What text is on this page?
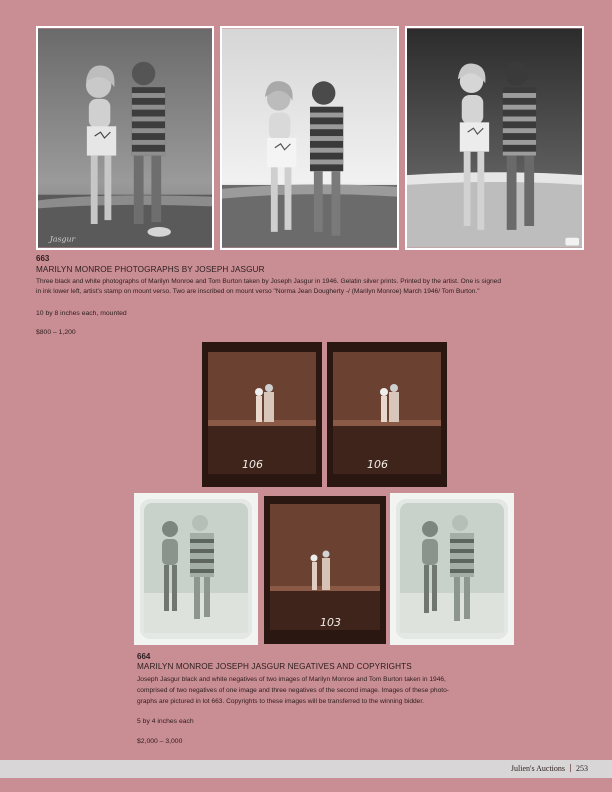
Jasgur
663
MARILYN MONROE PHOTOGRAPHS BY JOSEPH JASGUR
Three black and white photographs of Marilyn Monroe and Tom Burton taken by Joseph Jasgur in 1946. Gelatin silver prints. Printed by the artist. One is signed
in ink lower left, artist's stamp on mount verso. Two are inscribed on mount verso "Norma Jean Dougherty -/ (Marilyn Monroe) March 1946/ Tom Burton."
10 by 8 inches each, mounted
$800 – 1,200
106	106
103
664
MARILYN MONROE JOSEPH JASGUR NEGATIVES AND COPYRIGHTS
Joseph Jasgur black and white negatives of two images of Marilyn Monroe and Tom Burton taken in 1946,
comprised of two negatives of one image and three negatives of the second image. Images of these photo-
graphs are pictured in lot 663. Copyrights to these images will be transferred to the winning bidder.
5 by 4 inches each
$2,000 – 3,000
Julien's Auctions 253
